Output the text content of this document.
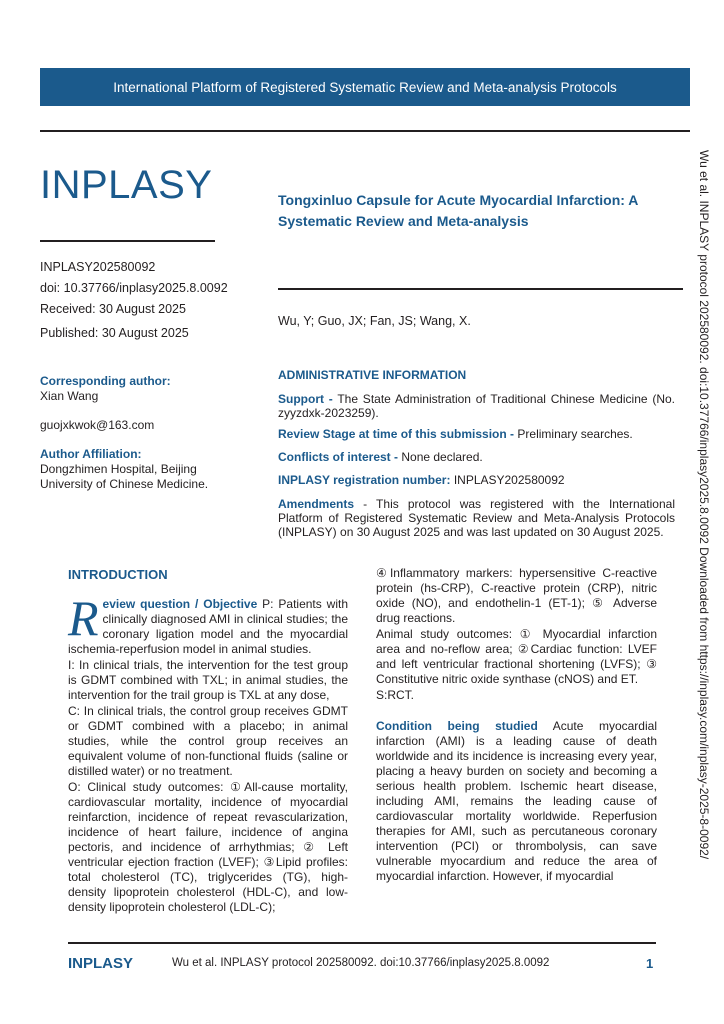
International Platform of Registered Systematic Review and Meta-analysis Protocols
INPLASY
INPLASY202580092
doi: 10.37766/inplasy2025.8.0092
Received: 30 August 2025
Published: 30 August 2025
Tongxinluo Capsule for Acute Myocardial Infarction: A Systematic Review and Meta-analysis
Wu, Y; Guo, JX; Fan, JS; Wang, X.
Corresponding author:
Xian Wang
guojxkwok@163.com
Author Affiliation:
Dongzhimen Hospital, Beijing University of Chinese Medicine.
ADMINISTRATIVE INFORMATION
Support - The State Administration of Traditional Chinese Medicine (No. zyyzdxk-2023259).
Review Stage at time of this submission - Preliminary searches.
Conflicts of interest - None declared.
INPLASY registration number: INPLASY202580092
Amendments - This protocol was registered with the International Platform of Registered Systematic Review and Meta-Analysis Protocols (INPLASY) on 30 August 2025 and was last updated on 30 August 2025.	Wu et al. INPLASY protocol 202580092. doi:10.37766/inplasy2025.8.0092 Downloaded from https://inplasy.com/inplasy-2025-8-0092/
INTRODUCTION
Review question / Objective P: Patients with clinically diagnosed AMI in clinical studies; the coronary ligation model and the myocardial ischemia-reperfusion model in animal studies.
I: In clinical trials, the intervention for the test group is GDMT combined with TXL; in animal studies, the intervention for the trail group is TXL at any dose,
C: In clinical trials, the control group receives GDMT or GDMT combined with a placebo; in animal studies, while the control group receives an equivalent volume of non-functional fluids (saline or distilled water) or no treatment.
O: Clinical study outcomes: ①All-cause mortality, cardiovascular mortality, incidence of myocardial reinfarction, incidence of repeat revascularization, incidence of heart failure, incidence of angina pectoris, and incidence of arrhythmias; ② Left ventricular ejection fraction (LVEF); ③Lipid profiles: total cholesterol (TC), triglycerides (TG), high-density lipoprotein cholesterol (HDL-C), and low-density lipoprotein cholesterol (LDL-C);
④Inflammatory markers: hypersensitive C-reactive protein (hs-CRP), C-reactive protein (CRP), nitric oxide (NO), and endothelin-1 (ET-1); ⑤ Adverse drug reactions.
Animal study outcomes: ① Myocardial infarction area and no-reflow area; ②Cardiac function: LVEF and left ventricular fractional shortening (LVFS); ③ Constitutive nitric oxide synthase (cNOS) and ET.
S:RCT.
Condition being studied Acute myocardial infarction (AMI) is a leading cause of death worldwide and its incidence is increasing every year, placing a heavy burden on society and becoming a serious health problem. Ischemic heart disease, including AMI, remains the leading cause of cardiovascular mortality worldwide. Reperfusion therapies for AMI, such as percutaneous coronary intervention (PCI) or thrombolysis, can save vulnerable myocardium and reduce the area of myocardial infarction. However, if myocardial
INPLASY	Wu et al. INPLASY protocol 202580092. doi:10.37766/inplasy2025.8.0092	1
